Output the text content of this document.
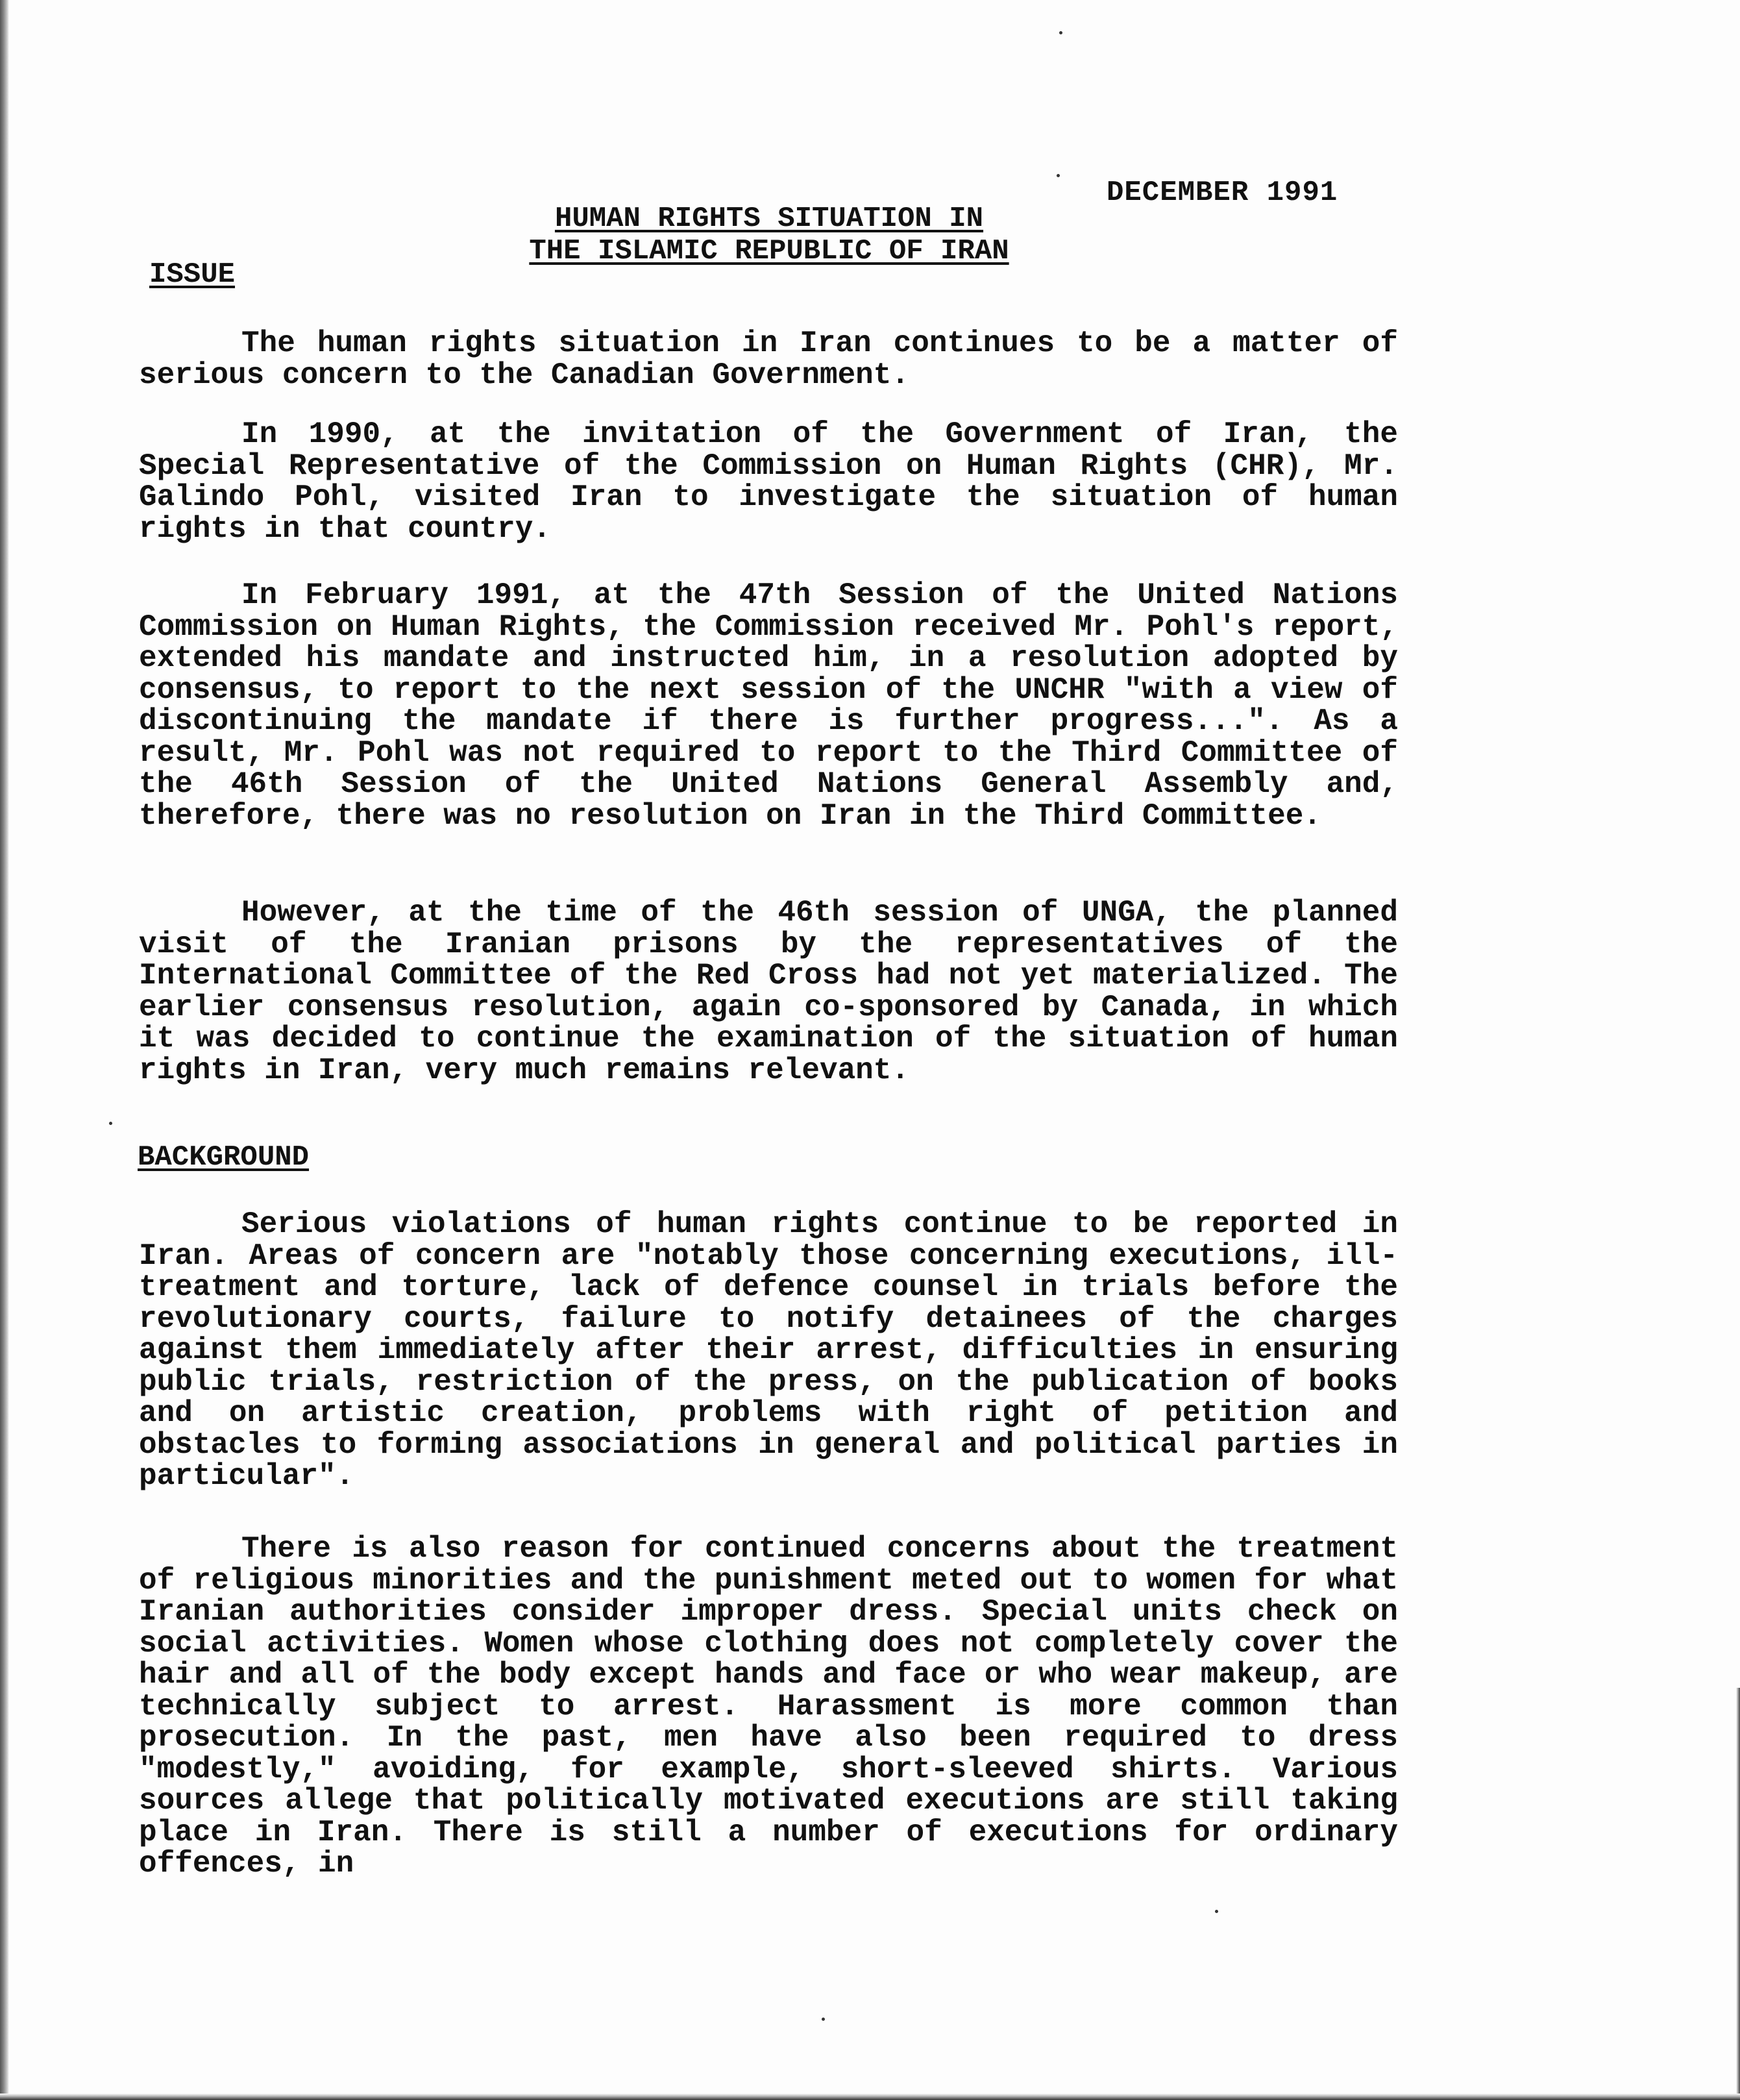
DECEMBER 1991
HUMAN RIGHTS SITUATION IN
THE ISLAMIC REPUBLIC OF IRAN
ISSUE

The human rights situation in Iran continues to be a matter of serious concern to the Canadian Government.

In 1990, at the invitation of the Government of Iran, the Special Representative of the Commission on Human Rights (CHR), Mr. Galindo Pohl, visited Iran to investigate the situation of human rights in that country.

In February 1991, at the 47th Session of the United Nations Commission on Human Rights, the Commission received Mr. Pohl's report, extended his mandate and instructed him, in a resolution adopted by consensus, to report to the next session of the UNCHR "with a view of discontinuing the mandate if there is further progress...". As a result, Mr. Pohl was not required to report to the Third Committee of the 46th Session of the United Nations General Assembly and, therefore, there was no resolution on Iran in the Third Committee.

However, at the time of the 46th session of UNGA, the planned visit of the Iranian prisons by the representatives of the International Committee of the Red Cross had not yet materialized. The earlier consensus resolution, again co-sponsored by Canada, in which it was decided to continue the examination of the situation of human rights in Iran, very much remains relevant.

BACKGROUND

Serious violations of human rights continue to be reported in Iran. Areas of concern are "notably those concerning executions, ill-treatment and torture, lack of defence counsel in trials before the revolutionary courts, failure to notify detainees of the charges against them immediately after their arrest, difficulties in ensuring public trials, restriction of the press, on the publication of books and on artistic creation, problems with right of petition and obstacles to forming associations in general and political parties in particular".

There is also reason for continued concerns about the treatment of religious minorities and the punishment meted out to women for what Iranian authorities consider improper dress. Special units check on social activities. Women whose clothing does not completely cover the hair and all of the body except hands and face or who wear makeup, are technically subject to arrest. Harassment is more common than prosecution. In the past, men have also been required to dress "modestly," avoiding, for example, short-sleeved shirts. Various sources allege that politically motivated executions are still taking place in Iran. There is still a number of executions for ordinary offences, in
